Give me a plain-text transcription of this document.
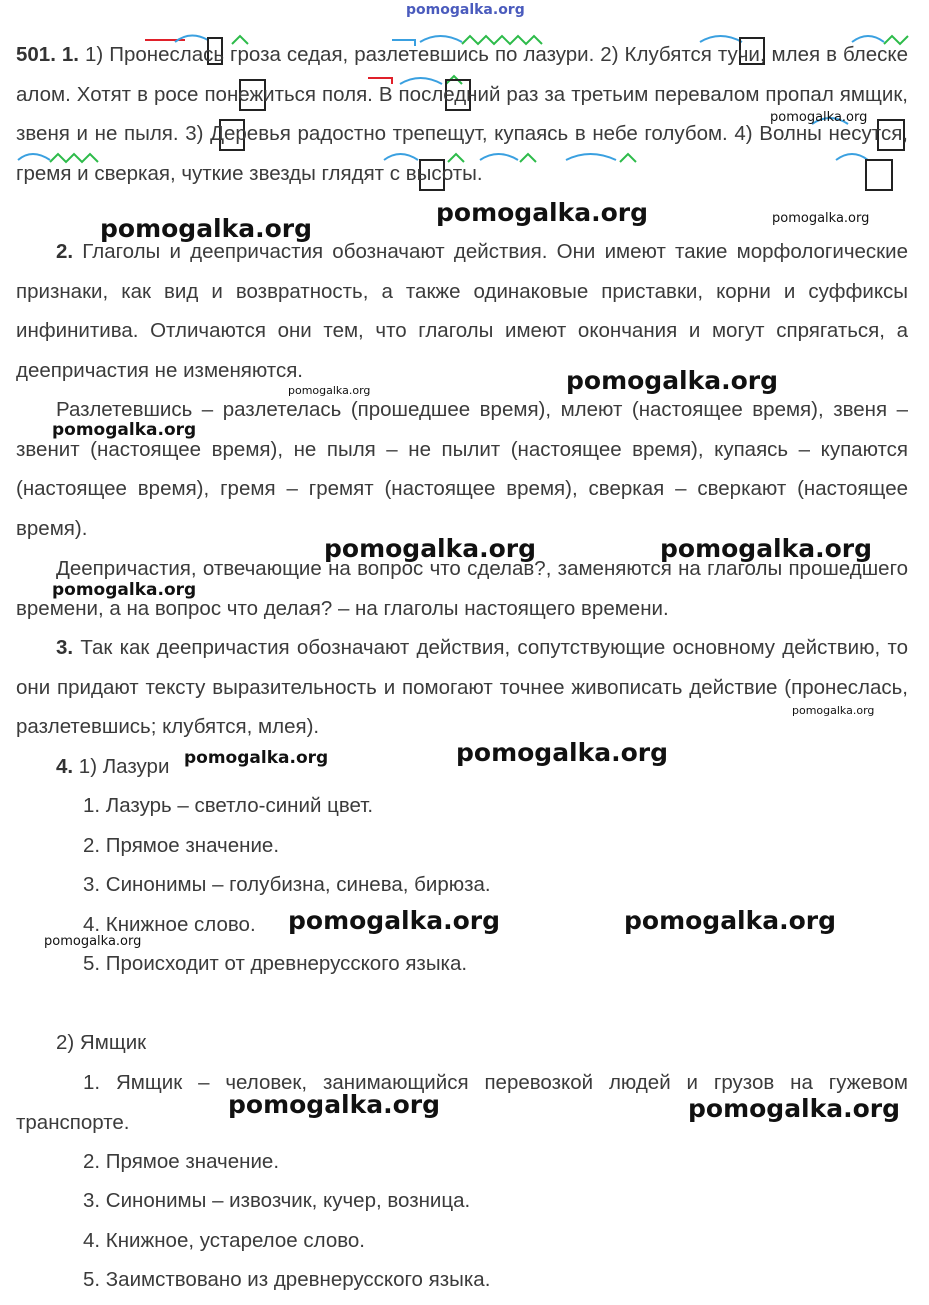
501. 1. 1) Пронеслась гроза седая, разлетевшись по лазури. 2) Клубятся тучи, млея в блеске алом. Хотят в росе понежиться поля. В последний раз за третьим перевалом пропал ямщик, звеня и не пыля. 3) Деревья радостно трепещут, купаясь в небе голубом. 4) Волны несутся, гремя и сверкая, чуткие звезды глядят с высоты.

2. Глаголы и деепричастия обозначают действия. Они имеют такие морфологические признаки, как вид и возвратность, а также одинаковые приставки, корни и суффиксы инфинитива. Отличаются они тем, что глаголы имеют окончания и могут спрягаться, а деепричастия не изменяются.

Разлетевшись – разлетелась (прошедшее время), млеют (настоящее время), звеня – звенит (настоящее время), не пыля – не пылит (настоящее время), купаясь – купаются (настоящее время), гремя – гремят (настоящее время), сверкая – сверкают (настоящее время).

Деепричастия, отвечающие на вопрос что сделав?, заменяются на глаголы прошедшего времени, а на вопрос что делая? – на глаголы настоящего времени.

3. Так как деепричастия обозначают действия, сопутствующие основному действию, то они придают тексту выразительность и помогают точнее живописать действие (пронеслась, разлетевшись; клубятся, млея).

4. 1) Лазури

1. Лазурь – светло-синий цвет.

2. Прямое значение.

3. Синонимы – голубизна, синева, бирюза.

4. Книжное слово.

5. Происходит от древнерусского языка.

2) Ямщик

1. Ямщик – человек, занимающийся перевозкой людей и грузов на гужевом транспорте.

2. Прямое значение.

3. Синонимы – извозчик, кучер, возница.

4. Книжное, устарелое слово.

5. Заимствовано из древнерусского языка.

pomogalka.org
pomogalka.org
pomogalka.org
pomogalka.org	pomogalka.org
pomogalka.org
pomogalka.org
pomogalka.org
pomogalka.org	pomogalka.org
pomogalka.org
pomogalka.org
pomogalka.org	pomogalka.org
pomogalka.org	pomogalka.org
pomogalka.org
pomogalka.org	pomogalka.org
